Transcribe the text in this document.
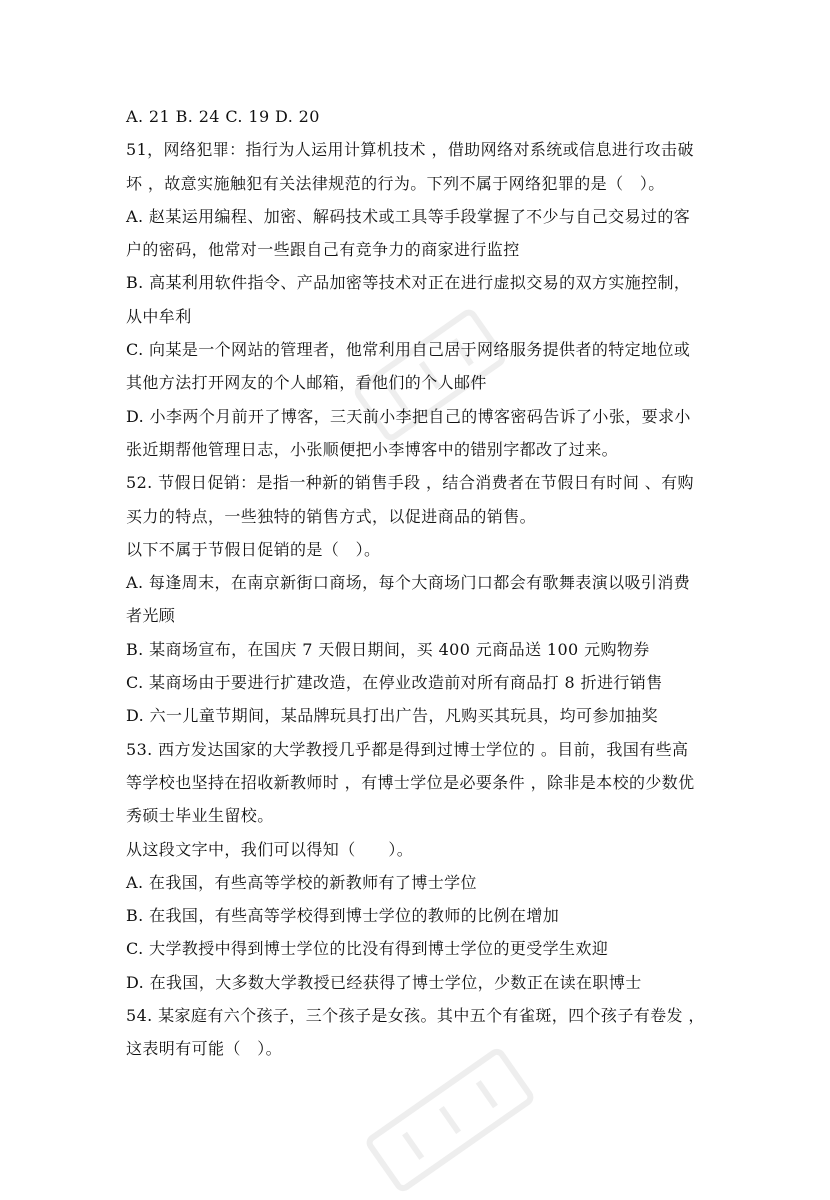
A. 21 B. 24 C. 19 D. 20
51，网络犯罪：指行为人运用计算机技术 ，借助网络对系统或信息进行攻击破
坏 ，故意实施触犯有关法律规范的行为。下列不属于网络犯罪的是（　）。
A. 赵某运用编程、加密、解码技术或工具等手段掌握了不少与自己交易过的客
户的密码，他常对一些跟自己有竞争力的商家进行监控
B. 高某利用软件指令、产品加密等技术对正在进行虚拟交易的双方实施控制，
从中牟利
C. 向某是一个网站的管理者，他常利用自己居于网络服务提供者的特定地位或
其他方法打开网友的个人邮箱，看他们的个人邮件
D. 小李两个月前开了博客，三天前小李把自己的博客密码告诉了小张，要求小
张近期帮他管理日志，小张顺便把小李博客中的错别字都改了过来。
52. 节假日促销：是指一种新的销售手段 ，结合消费者在节假日有时间 、有购
买力的特点，一些独特的销售方式，以促进商品的销售。
以下不属于节假日促销的是（　）。
A. 每逢周末，在南京新街口商场，每个大商场门口都会有歌舞表演以吸引消费
者光顾
B. 某商场宣布，在国庆 7 天假日期间，买 400 元商品送 100 元购物券
C. 某商场由于要进行扩建改造，在停业改造前对所有商品打 8 折进行销售
D. 六一儿童节期间，某品牌玩具打出广告，凡购买其玩具，均可参加抽奖
53. 西方发达国家的大学教授几乎都是得到过博士学位的 。目前，我国有些高
等学校也坚持在招收新教师时 ，有博士学位是必要条件 ，除非是本校的少数优
秀硕士毕业生留校。
从这段文字中，我们可以得知（　　）。
A. 在我国，有些高等学校的新教师有了博士学位
B. 在我国，有些高等学校得到博士学位的教师的比例在增加
C. 大学教授中得到博士学位的比没有得到博士学位的更受学生欢迎
D. 在我国，大多数大学教授已经获得了博士学位，少数正在读在职博士
54. 某家庭有六个孩子，三个孩子是女孩。其中五个有雀斑，四个孩子有卷发 ，
这表明有可能（　）。
